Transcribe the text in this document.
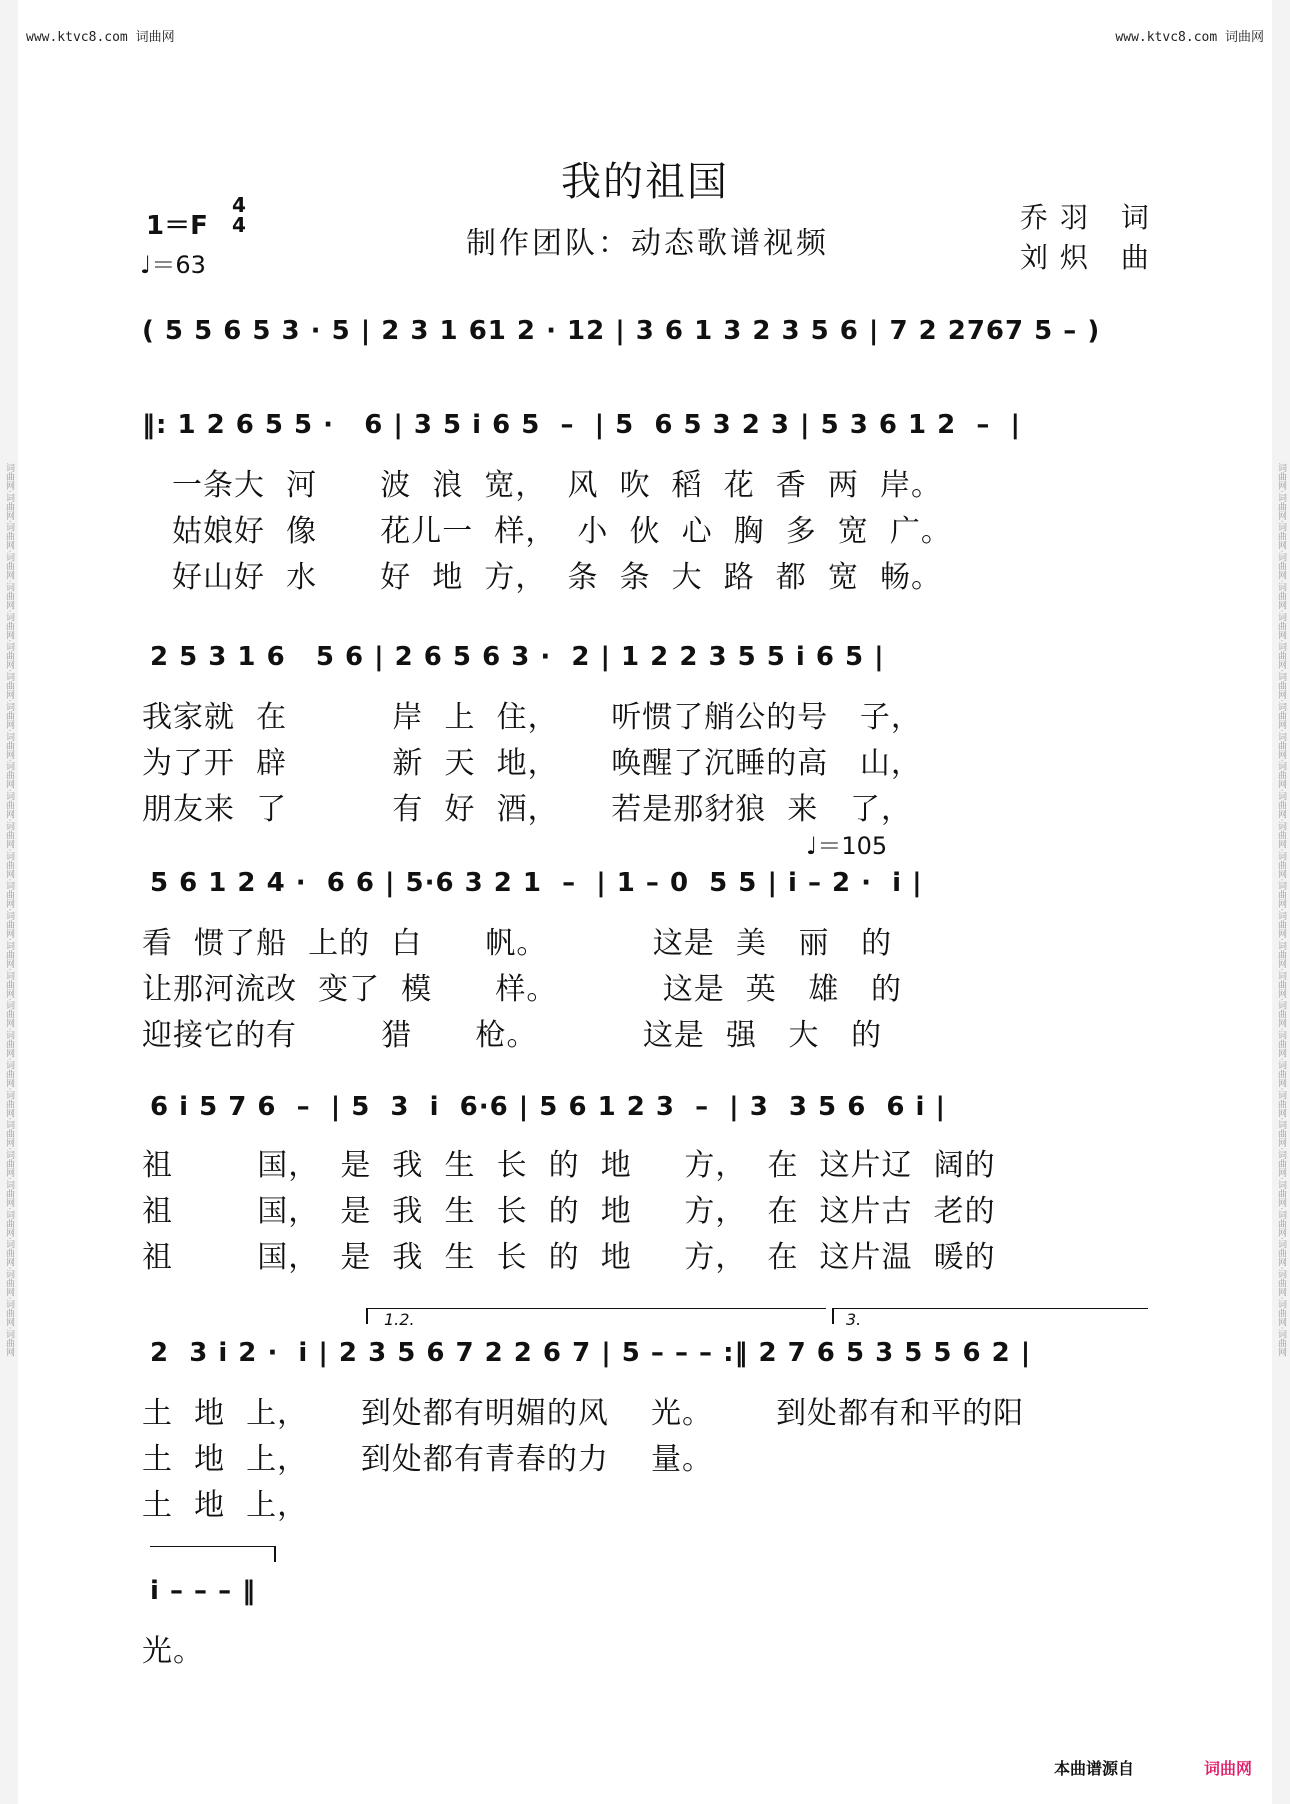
词曲网·词曲网·词曲网·词曲网·词曲网·词曲网·词曲网·词曲网·词曲网·词曲网·词曲网·词曲网·词曲网·词曲网·词曲网·词曲网·词曲网·词曲网·词曲网·词曲网·词曲网·词曲网·词曲网·词曲网·词曲网·词曲网·词曲网·词曲网·词曲网·词曲网
词曲网·词曲网·词曲网·词曲网·词曲网·词曲网·词曲网·词曲网·词曲网·词曲网·词曲网·词曲网·词曲网·词曲网·词曲网·词曲网·词曲网·词曲网·词曲网·词曲网·词曲网·词曲网·词曲网·词曲网·词曲网·词曲网·词曲网·词曲网·词曲网·词曲网
www.ktvc8.com 词曲网	www.ktvc8.com 词曲网
我的祖国
1＝F
4
4
♩＝63
制作团队：动态歌谱视频
乔羽 词
刘炽 曲
( 5 5 6 5 3 · 5 | 2 3 1 61 2 · 12 | 3 6 1 3 2 3 5 6 | 7 2 2767 5 – )
‖: 1 2 6 5 5 ·   6 | 3 5 i 6 5  –  | 5  6 5 3 2 3 | 5 3 6 1 2  –  |
一条大  河      波  浪  宽，  风  吹  稻  花  香  两  岸。
姑娘好  像      花儿一  样，  小  伙  心  胸  多  宽  广。
好山好  水      好  地  方，  条  条  大  路  都  宽  畅。
2 5 3 1 6   5 6 | 2 6 5 6 3 ·  2 | 1 2 2 3 5 5 i 6 5 |
我家就  在          岸  上  住，     听惯了艄公的号   子，
为了开  辟          新  天  地，     唤醒了沉睡的高   山，
朋友来  了          有  好  酒，     若是那豺狼  来   了，
♩＝105
5 6 1 2 4 ·  6 6 | 5·6 3 2 1  –  | 1 – 0  5 5 | i – 2 ·  i |
看  惯了船  上的  白      帆。          这是  美   丽   的
让那河流改  变了  模      样。          这是  英   雄   的
迎接它的有        猎      枪。          这是  强   大   的
6 i 5 7 6  –  | 5  3  i  6·6 | 5 6 1 2 3  –  | 3  3 5 6  6 i |
祖        国，  是  我  生  长  的  地     方，  在  这片辽  阔的
祖        国，  是  我  生  长  的  地     方，  在  这片古  老的
祖        国，  是  我  生  长  的  地     方，  在  这片温  暖的
1.2.	3.
2  3 i 2 ·  i | 2 3 5 6 7 2 2 6 7 | 5 – – – :‖ 2 7 6 5 3 5 5 6 2 |
土  地  上，     到处都有明媚的风    光。      到处都有和平的阳
土  地  上，     到处都有青春的力    量。
土  地  上，
i – – – ‖
光。
本曲谱源自	词曲网
